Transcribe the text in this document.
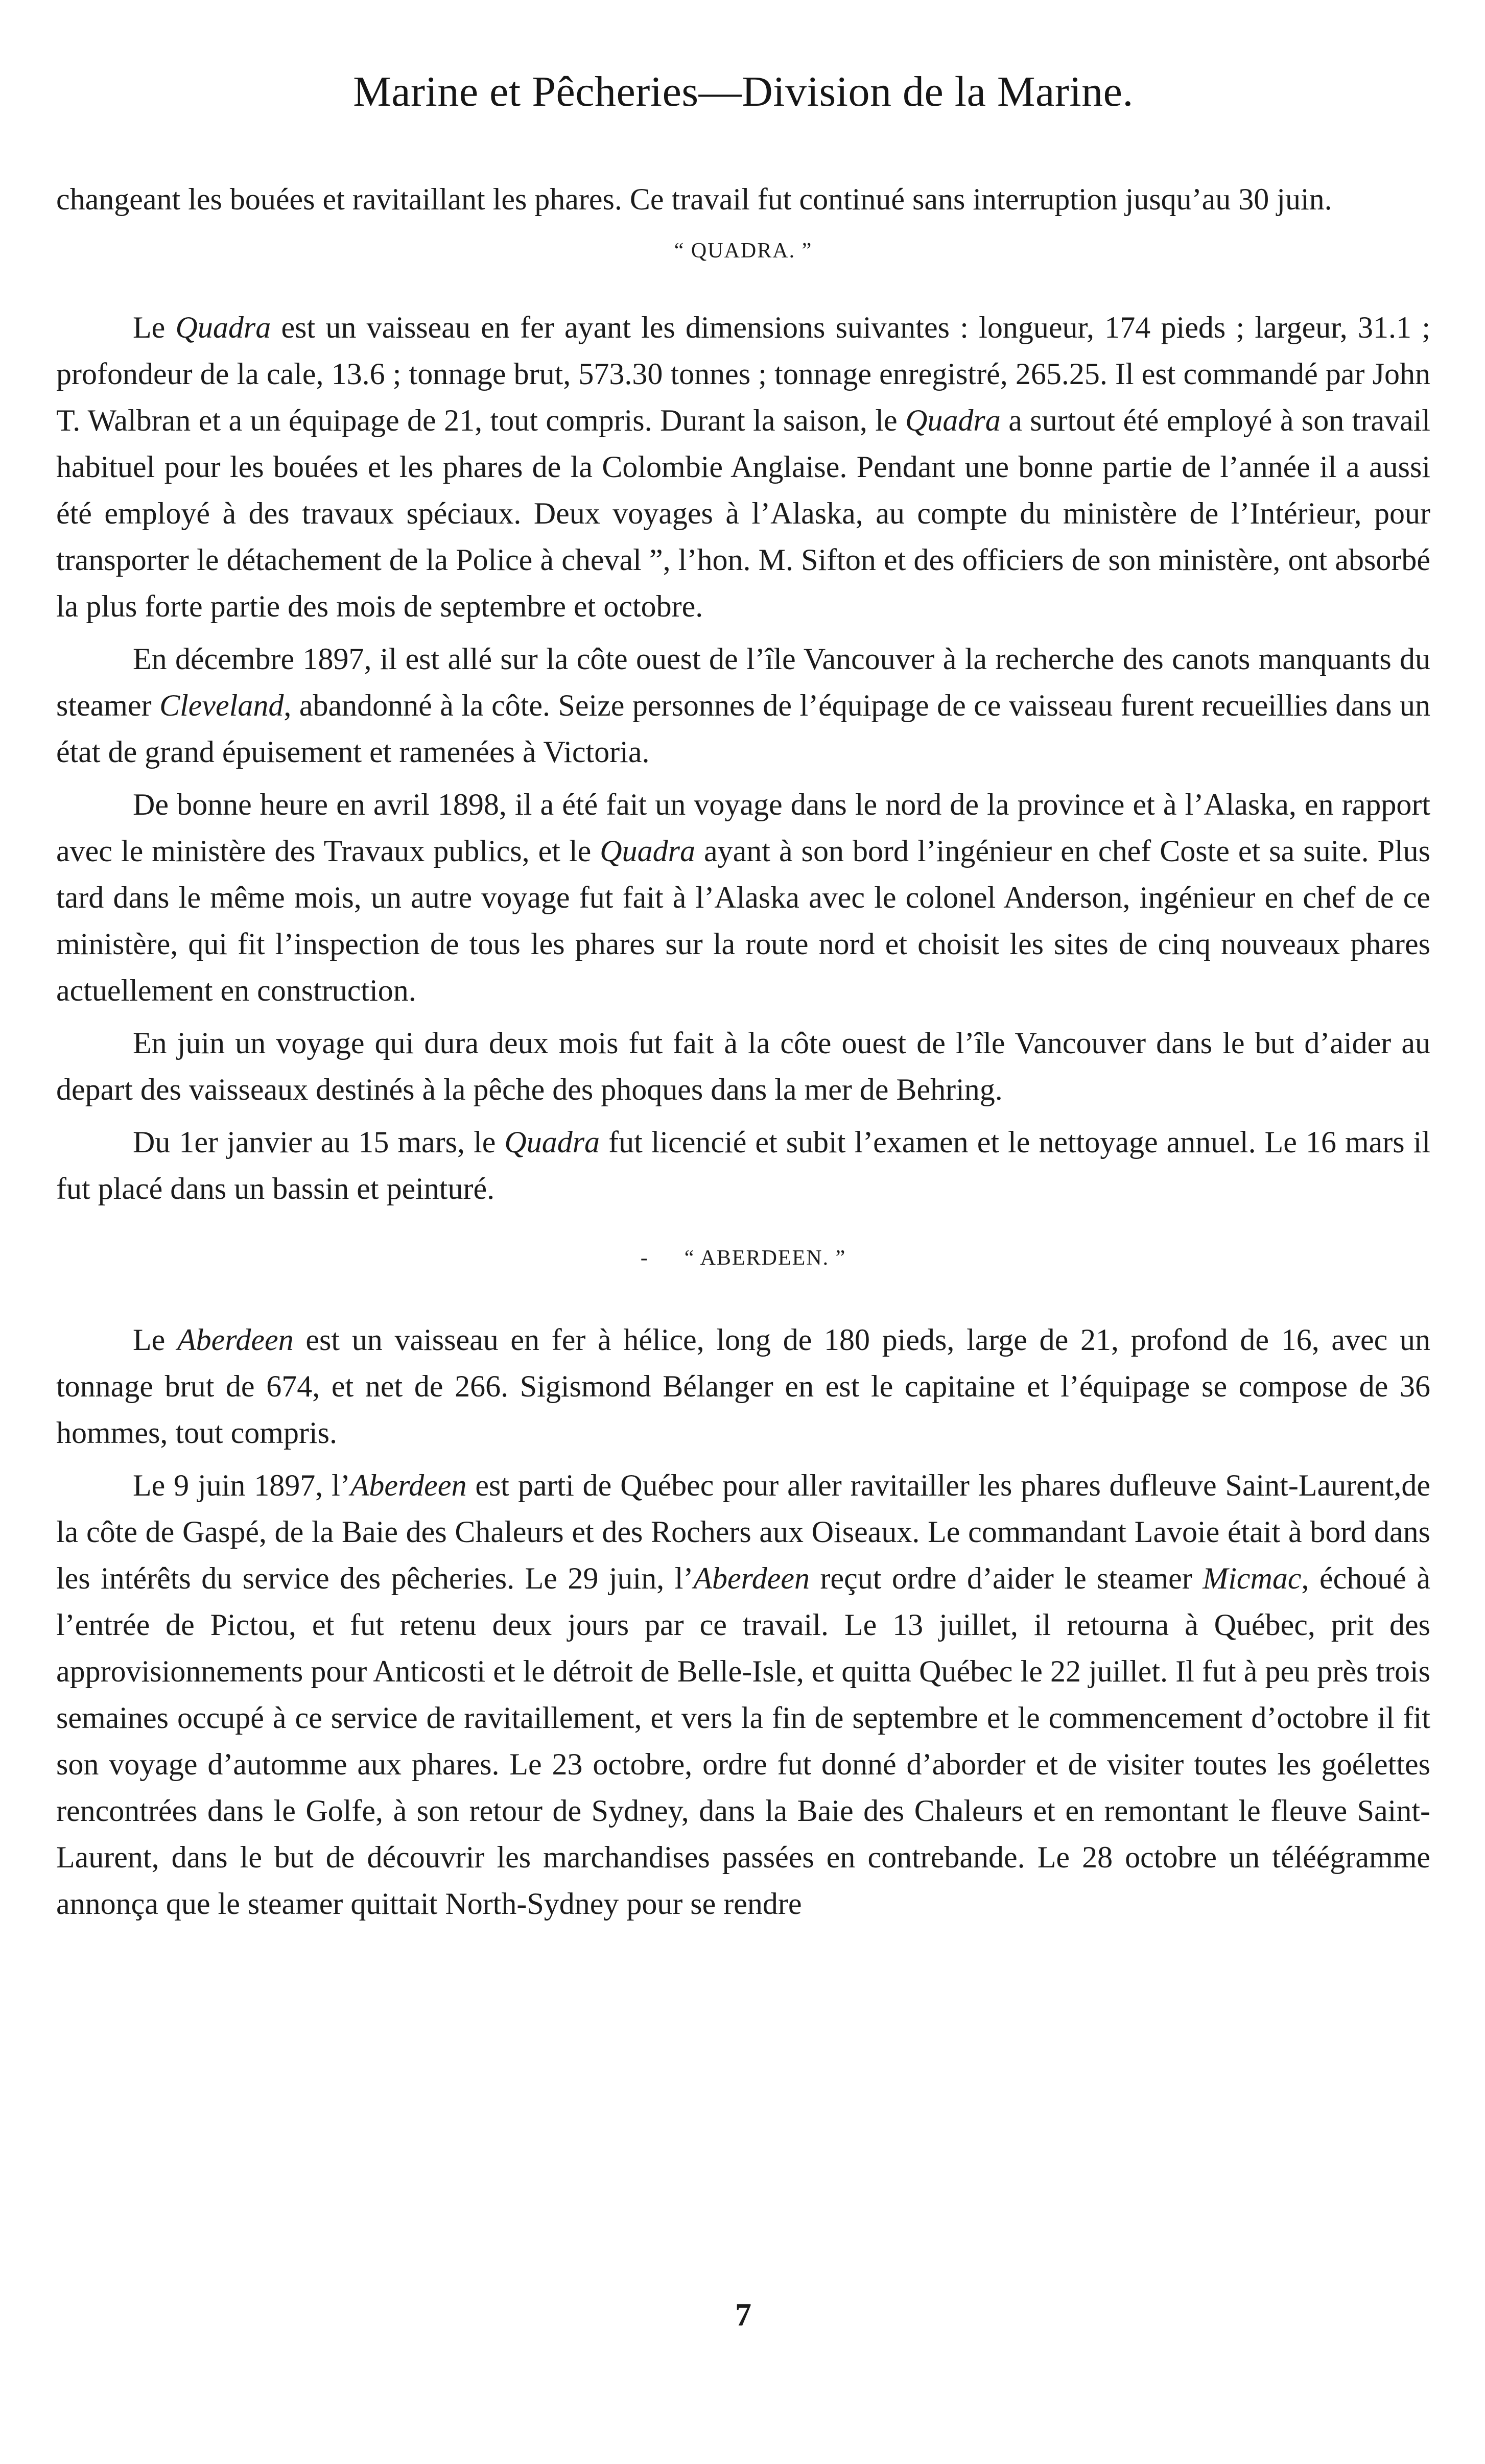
Marine et Pêcheries—Division de la Marine.

changeant les bouées et ravitaillant les phares. Ce travail fut continué sans interruption jusqu’au 30 juin.

“ QUADRA. ”

Le Quadra est un vaisseau en fer ayant les dimensions suivantes : longueur, 174 pieds ; largeur, 31.1 ; profondeur de la cale, 13.6 ; tonnage brut, 573.30 tonnes ; tonnage enregistré, 265.25. Il est commandé par John T. Walbran et a un équipage de 21, tout compris. Durant la saison, le Quadra a surtout été employé à son travail habituel pour les bouées et les phares de la Colombie Anglaise. Pendant une bonne partie de l’année il a aussi été employé à des travaux spéciaux. Deux voyages à l’Alaska, au compte du ministère de l’Intérieur, pour transporter le détachement de la Police à cheval ”, l’hon. M. Sifton et des officiers de son ministère, ont absorbé la plus forte partie des mois de septembre et octobre.

En décembre 1897, il est allé sur la côte ouest de l’île Vancouver à la recherche des canots manquants du steamer Cleveland, abandonné à la côte. Seize personnes de l’équipage de ce vaisseau furent recueillies dans un état de grand épuisement et ramenées à Victoria.

De bonne heure en avril 1898, il a été fait un voyage dans le nord de la province et à l’Alaska, en rapport avec le ministère des Travaux publics, et le Quadra ayant à son bord l’ingénieur en chef Coste et sa suite. Plus tard dans le même mois, un autre voyage fut fait à l’Alaska avec le colonel Anderson, ingénieur en chef de ce ministère, qui fit l’inspection de tous les phares sur la route nord et choisit les sites de cinq nouveaux phares actuellement en construction.

En juin un voyage qui dura deux mois fut fait à la côte ouest de l’île Vancouver dans le but d’aider au depart des vaisseaux destinés à la pêche des phoques dans la mer de Behring.

Du 1er janvier au 15 mars, le Quadra fut licencié et subit l’examen et le nettoyage annuel. Le 16 mars il fut placé dans un bassin et peinturé.

- “ ABERDEEN. ”

Le Aberdeen est un vaisseau en fer à hélice, long de 180 pieds, large de 21, profond de 16, avec un tonnage brut de 674, et net de 266. Sigismond Bélanger en est le capitaine et l’équipage se compose de 36 hommes, tout compris.

Le 9 juin 1897, l’Aberdeen est parti de Québec pour aller ravitailler les phares dufleuve Saint-Laurent,de la côte de Gaspé, de la Baie des Chaleurs et des Rochers aux Oiseaux. Le commandant Lavoie était à bord dans les intérêts du service des pêcheries. Le 29 juin, l’Aberdeen reçut ordre d’aider le steamer Micmac, échoué à l’entrée de Pictou, et fut retenu deux jours par ce travail. Le 13 juillet, il retourna à Québec, prit des approvisionnements pour Anticosti et le détroit de Belle-Isle, et quitta Québec le 22 juillet. Il fut à peu près trois semaines occupé à ce service de ravitaillement, et vers la fin de septembre et le commencement d’octobre il fit son voyage d’automme aux phares. Le 23 octobre, ordre fut donné d’aborder et de visiter toutes les goélettes rencontrées dans le Golfe, à son retour de Sydney, dans la Baie des Chaleurs et en remontant le fleuve Saint-Laurent, dans le but de découvrir les marchandises passées en contrebande. Le 28 octobre un téléégramme annonça que le steamer quittait North-Sydney pour se rendre

7
